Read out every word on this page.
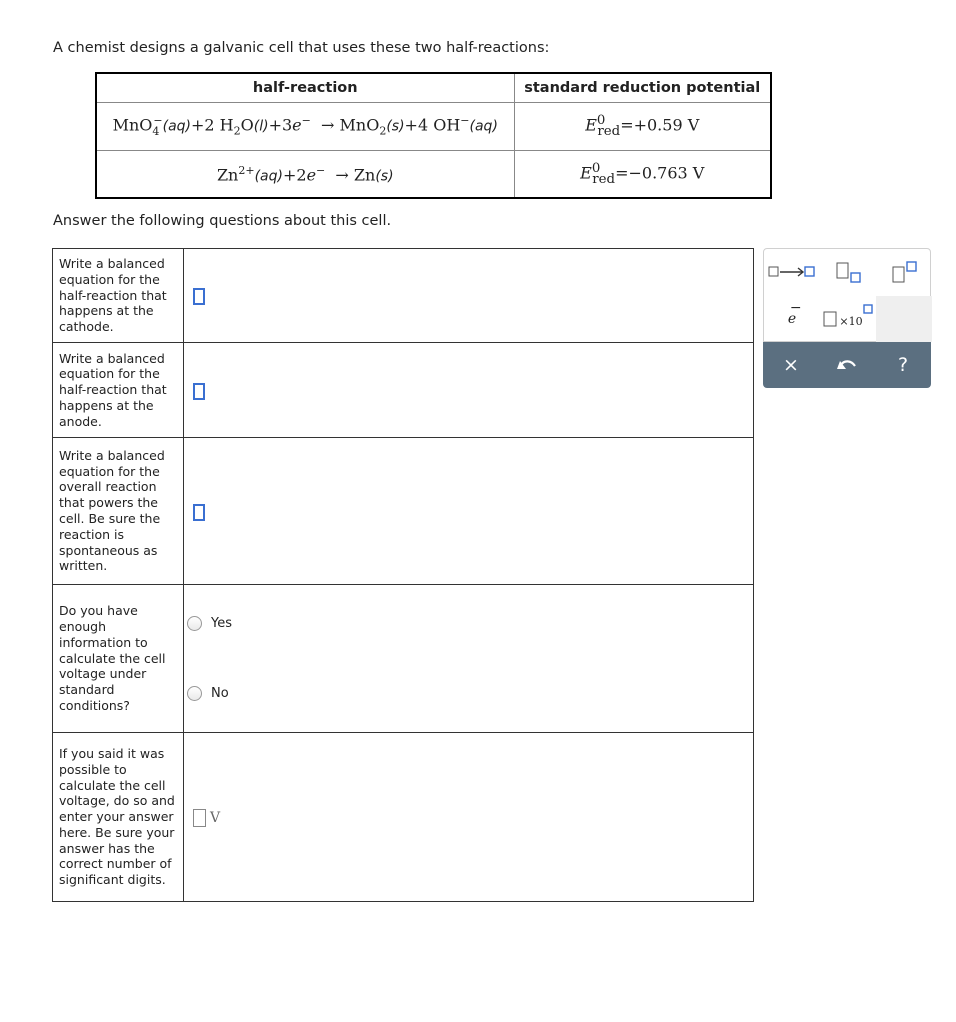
A chemist designs a galvanic cell that uses these two half-reactions:
half-reaction	standard reduction potential
MnO$_4$−(aq)+2 $H_2O(l)+3e^- \to MnO_2(s)+4$ OH−(aq)	$E^0_{red}=+0.59$ V
$Zn^{2+}(aq)+2e^- \to Zn(s)$	$E^0_{red}=-0.763$ V
Answer the following questions about this cell.
Write a balanced equation for the half-reaction that happens at the cathode.	
Write a balanced equation for the half-reaction that happens at the anode.	
Write a balanced equation for the overall reaction that powers the cell. Be sure the reaction is spontaneous as written.	
Do you have enough information to calculate the cell voltage under standard conditions?	Yes
No

If you said it was possible to calculate the cell voltage, do so and enter your answer here. Be sure your answer has the correct number of significant digits.	V
e
−
×10
×	?
